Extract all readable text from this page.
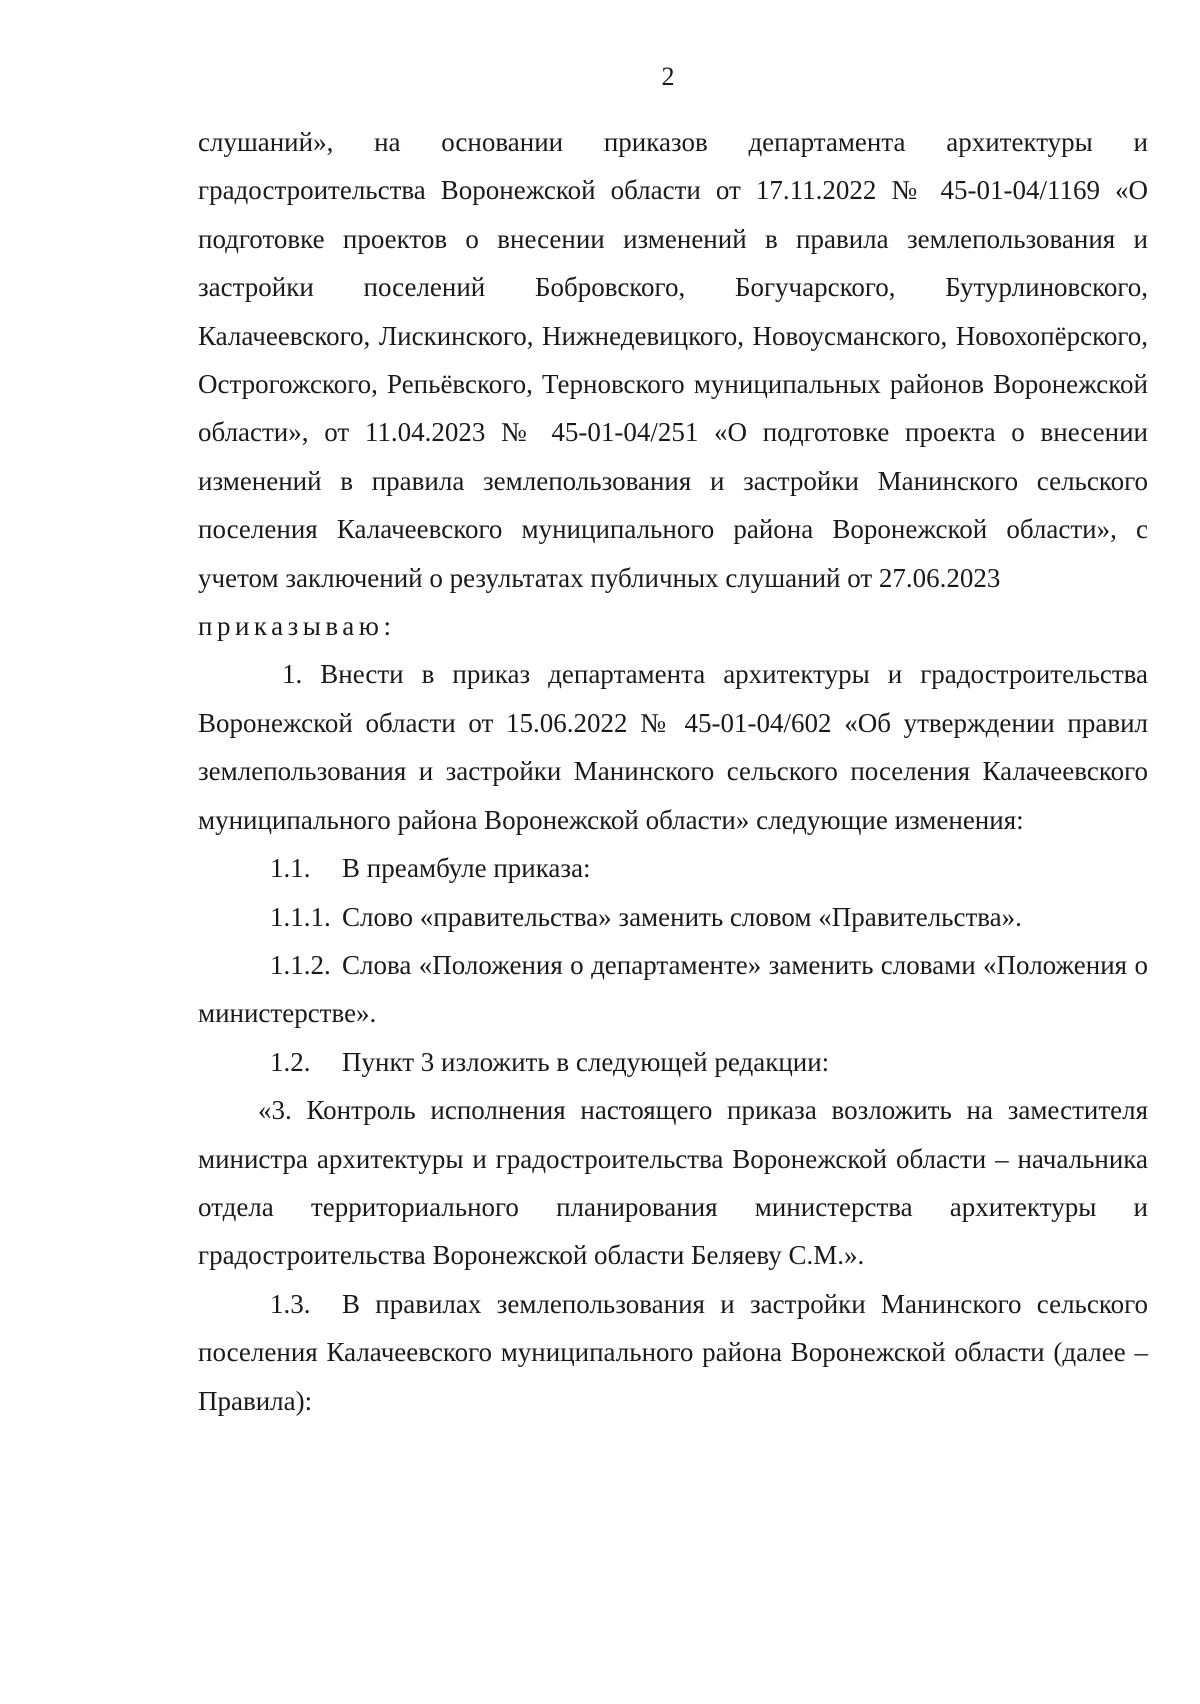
2

слушаний», на основании приказов департамента архитектуры и градостроительства Воронежской области от 17.11.2022 № 45-01-04/1169 «О подготовке проектов о внесении изменений в правила землепользования и застройки поселений Бобровского, Богучарского, Бутурлиновского, Калачеевского, Лискинского, Нижнедевицкого, Новоусманского, Новохопёрского, Острогожского, Репьёвского, Терновского муниципальных районов Воронежской области», от 11.04.2023 № 45-01-04/251 «О подготовке проекта о внесении изменений в правила землепользования и застройки Манинского сельского поселения Калачеевского муниципального района Воронежской области», с учетом заключений о результатах публичных слушаний от 27.06.2023

приказываю:

1. Внести в приказ департамента архитектуры и градостроительства Воронежской области от 15.06.2022 № 45-01-04/602 «Об утверждении правил землепользования и застройки Манинского сельского поселения Калачеевского муниципального района Воронежской области» следующие изменения:

1.1. В преамбуле приказа:

1.1.1. Слово «правительства» заменить словом «Правительства».

1.1.2. Слова «Положения о департаменте» заменить словами «Положения о министерстве».

1.2. Пункт 3 изложить в следующей редакции:

«3. Контроль исполнения настоящего приказа возложить на заместителя министра архитектуры и градостроительства Воронежской области – начальника отдела территориального планирования министерства архитектуры и градостроительства Воронежской области Беляеву С.М.».

1.3. В правилах землепользования и застройки Манинского сельского поселения Калачеевского муниципального района Воронежской области (далее – Правила):
